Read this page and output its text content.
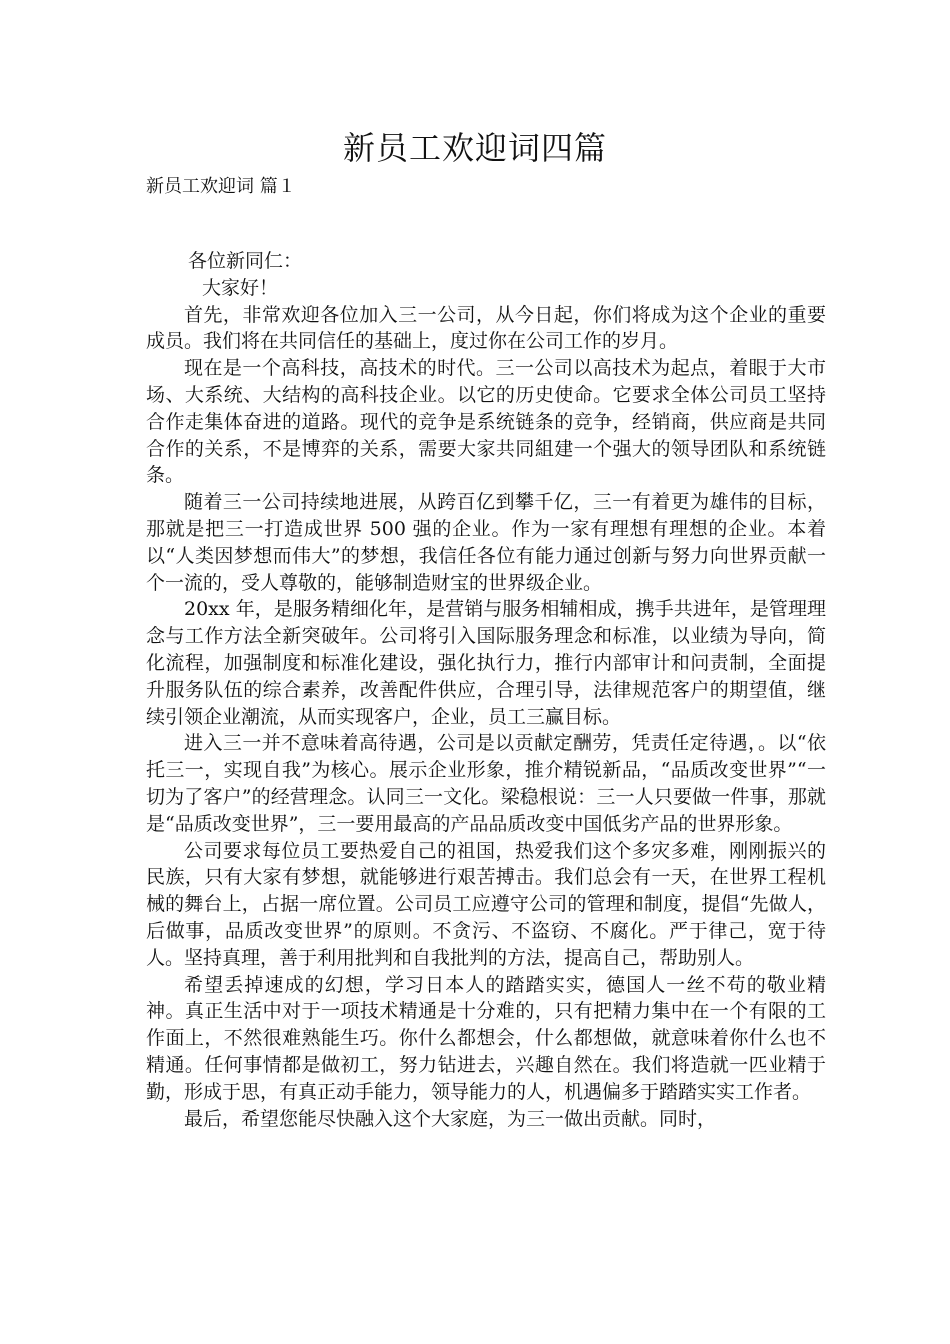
新员工欢迎词四篇
新员工欢迎词 篇１

各位新同仁：

大家好！

首先，非常欢迎各位加入三一公司，从今日起，你们将成为这个企业的重要成员。我们将在共同信任的基础上，度过你在公司工作的岁月。

现在是一个高科技，高技术的时代。三一公司以高技术为起点，着眼于大市场、大系统、大结构的高科技企业。以它的历史使命。它要求全体公司员工坚持合作走集体奋进的道路。现代的竞争是系统链条的竞争，经销商，供应商是共同合作的关系，不是博弈的关系，需要大家共同組建一个强大的领导团队和系统链条。

随着三一公司持续地进展，从跨百亿到攀千亿，三一有着更为雄伟的目标，那就是把三一打造成世界 500 强的企业。作为一家有理想有理想的企业。本着以“人类因梦想而伟大”的梦想，我信任各位有能力通过创新与努力向世界贡献一个一流的，受人尊敬的，能够制造财宝的世界级企业。

20xx 年，是服务精细化年，是营销与服务相辅相成，携手共进年，是管理理念与工作方法全新突破年。公司将引入国际服务理念和标准，以业绩为导向，简化流程，加强制度和标准化建设，强化执行力，推行内部审计和问责制，全面提升服务队伍的综合素养，改善配件供应，合理引导，法律规范客户的期望值，继续引领企业潮流，从而实现客户，企业，员工三赢目标。

进入三一并不意味着高待遇，公司是以贡献定酬劳，凭责任定待遇，。以“依托三一，实现自我”为核心。展示企业形象，推介精锐新品，“品质改变世界”“一切为了客户”的经营理念。认同三一文化。梁稳根说：三一人只要做一件事，那就是“品质改变世界”，三一要用最高的产品品质改变中国低劣产品的世界形象。

公司要求每位员工要热爱自己的祖国，热爱我们这个多灾多难，刚刚振兴的民族，只有大家有梦想，就能够进行艰苦搏击。我们总会有一天，在世界工程机械的舞台上，占据一席位置。公司员工应遵守公司的管理和制度，提倡“先做人，后做事，品质改变世界”的原则。不贪污、不盗窃、不腐化。严于律己，宽于待人。坚持真理，善于利用批判和自我批判的方法，提高自己，帮助别人。

希望丢掉速成的幻想，学习日本人的踏踏实实，德国人一丝不苟的敬业精神。真正生活中对于一项技术精通是十分难的，只有把精力集中在一个有限的工作面上，不然很难熟能生巧。你什么都想会，什么都想做，就意味着你什么也不精通。任何事情都是做初工，努力钻进去，兴趣自然在。我们将造就一匹业精于勤，形成于思，有真正动手能力，领导能力的人，机遇偏多于踏踏实实工作者。

最后，希望您能尽快融入这个大家庭，为三一做出贡献。同时，
